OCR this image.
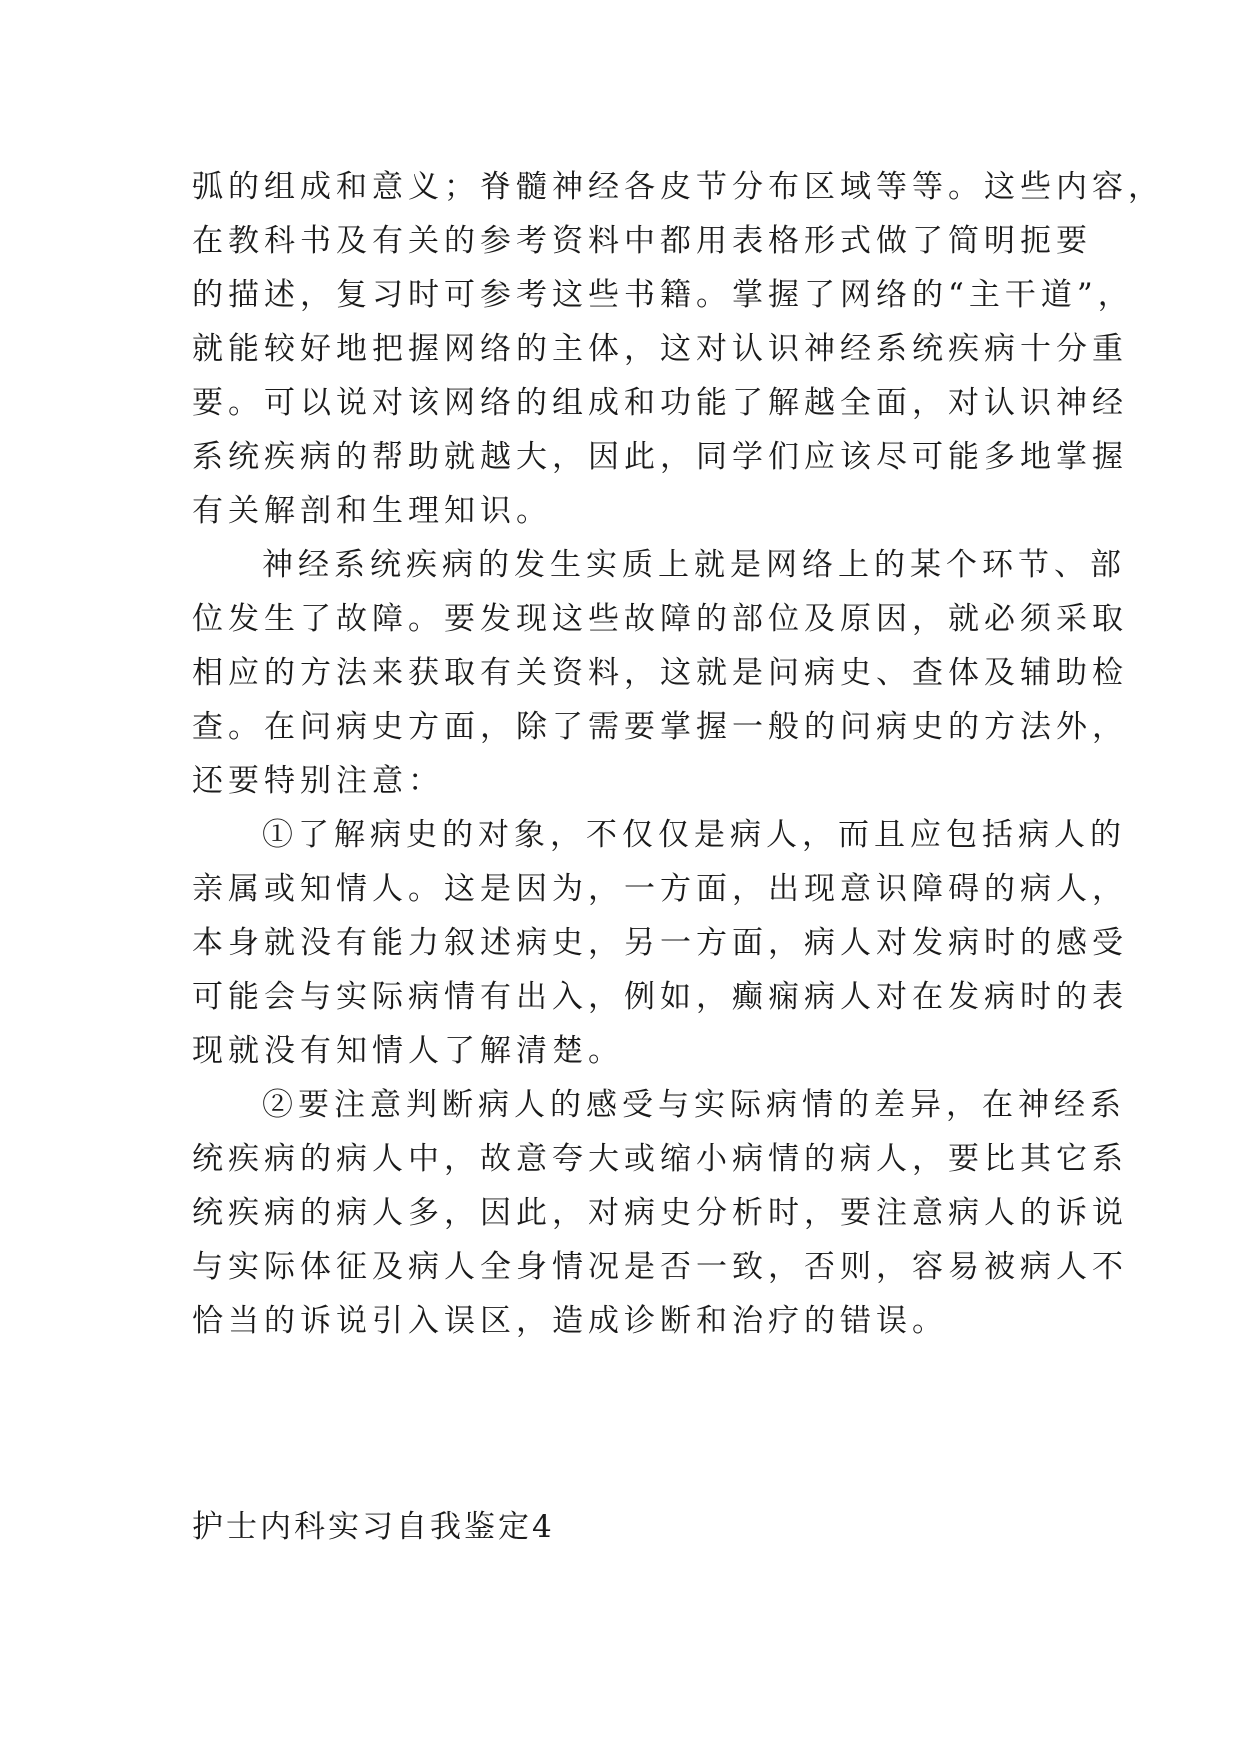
弧的组成和意义；脊髓神经各皮节分布区域等等。这些内容，
在教科书及有关的参考资料中都用表格形式做了简明扼要
的描述，复习时可参考这些书籍。掌握了网络的“主干道”，
就能较好地把握网络的主体，这对认识神经系统疾病十分重
要。可以说对该网络的组成和功能了解越全面，对认识神经
系统疾病的帮助就越大，因此，同学们应该尽可能多地掌握
有关解剖和生理知识。
神经系统疾病的发生实质上就是网络上的某个环节、部
位发生了故障。要发现这些故障的部位及原因，就必须采取
相应的方法来获取有关资料，这就是问病史、查体及辅助检
查。在问病史方面，除了需要掌握一般的问病史的方法外，
还要特别注意：
①了解病史的对象，不仅仅是病人，而且应包括病人的
亲属或知情人。这是因为，一方面，出现意识障碍的病人，
本身就没有能力叙述病史，另一方面，病人对发病时的感受
可能会与实际病情有出入，例如，癫痫病人对在发病时的表
现就没有知情人了解清楚。
②要注意判断病人的感受与实际病情的差异，在神经系
统疾病的病人中，故意夸大或缩小病情的病人，要比其它系
统疾病的病人多，因此，对病史分析时，要注意病人的诉说
与实际体征及病人全身情况是否一致，否则，容易被病人不
恰当的诉说引入误区，造成诊断和治疗的错误。
护士内科实习自我鉴定4
